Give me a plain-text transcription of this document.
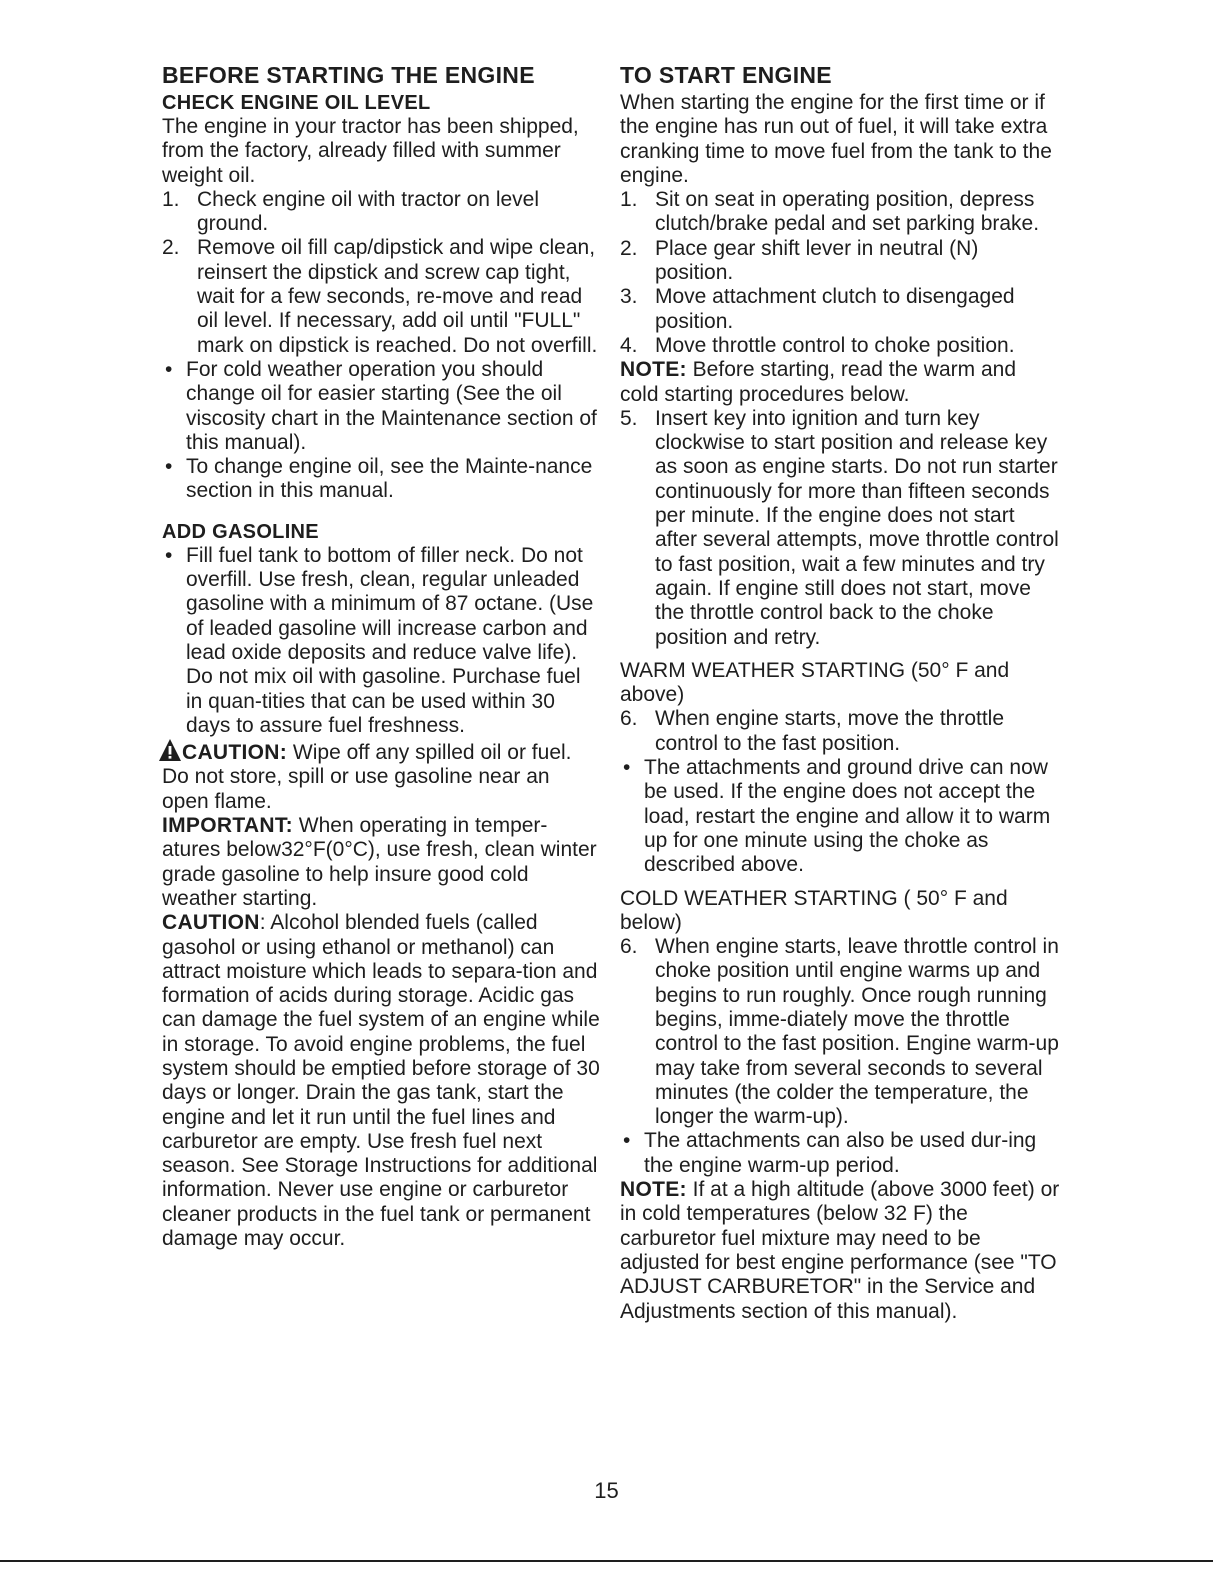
BEFORE STARTING THE ENGINE
CHECK ENGINE OIL LEVEL

The engine in your tractor has been shipped, from the factory, already filled with summer weight oil.

1. Check engine oil with tractor on level ground.
2. Remove oil fill cap/dipstick and wipe clean, reinsert the dipstick and screw cap tight, wait for a few seconds, re-move and read oil level. If necessary, add oil until "FULL" mark on dipstick is reached. Do not overfill.
• For cold weather operation you should change oil for easier starting (See the oil viscosity chart in the Maintenance section of this manual).
• To change engine oil, see the Mainte-nance section in this manual.
ADD GASOLINE
• Fill fuel tank to bottom of filler neck. Do not overfill. Use fresh, clean, regular unleaded gasoline with a minimum of 87 octane. (Use of leaded gasoline will increase carbon and lead oxide deposits and reduce valve life). Do not mix oil with gasoline. Purchase fuel in quan-tities that can be used within 30 days to assure fuel freshness.

CAUTION: Wipe off any spilled oil or fuel. Do not store, spill or use gasoline near an open flame.

IMPORTANT: When operating in temper-atures below32°F(0°C), use fresh, clean winter grade gasoline to help insure good cold weather starting.

CAUTION: Alcohol blended fuels (called gasohol or using ethanol or methanol) can attract moisture which leads to separa-tion and formation of acids during storage. Acidic gas can damage the fuel system of an engine while in storage. To avoid engine problems, the fuel system should be emptied before storage of 30 days or longer. Drain the gas tank, start the engine and let it run until the fuel lines and carburetor are empty. Use fresh fuel next season. See Storage Instructions for additional information. Never use engine or carburetor cleaner products in the fuel tank or permanent damage may occur.

TO START ENGINE

When starting the engine for the first time or if the engine has run out of fuel, it will take extra cranking time to move fuel from the tank to the engine.

1. Sit on seat in operating position, depress clutch/brake pedal and set parking brake.
2. Place gear shift lever in neutral (N) position.
3. Move attachment clutch to disengaged position.
4. Move throttle control to choke position.

NOTE: Before starting, read the warm and cold starting procedures below.

5. Insert key into ignition and turn key clockwise to start position and release key as soon as engine starts. Do not run starter continuously for more than fifteen seconds per minute. If the engine does not start after several attempts, move throttle control to fast position, wait a few minutes and try again. If engine still does not start, move the throttle control back to the choke position and retry.

WARM WEATHER STARTING (50° F and above)

6. When engine starts, move the throttle control to the fast position.
• The attachments and ground drive can now be used. If the engine does not accept the load, restart the engine and allow it to warm up for one minute using the choke as described above.

COLD WEATHER STARTING ( 50° F and below)

6. When engine starts, leave throttle control in choke position until engine warms up and begins to run roughly. Once rough running begins, imme-diately move the throttle control to the fast position. Engine warm-up may take from several seconds to several minutes (the colder the temperature, the longer the warm-up).
• The attachments can also be used dur-ing the engine warm-up period.

NOTE: If at a high altitude (above 3000 feet) or in cold temperatures (below 32 F) the carburetor fuel mixture may need to be adjusted for best engine performance (see "TO ADJUST CARBURETOR" in the Service and Adjustments section of this manual).

15
